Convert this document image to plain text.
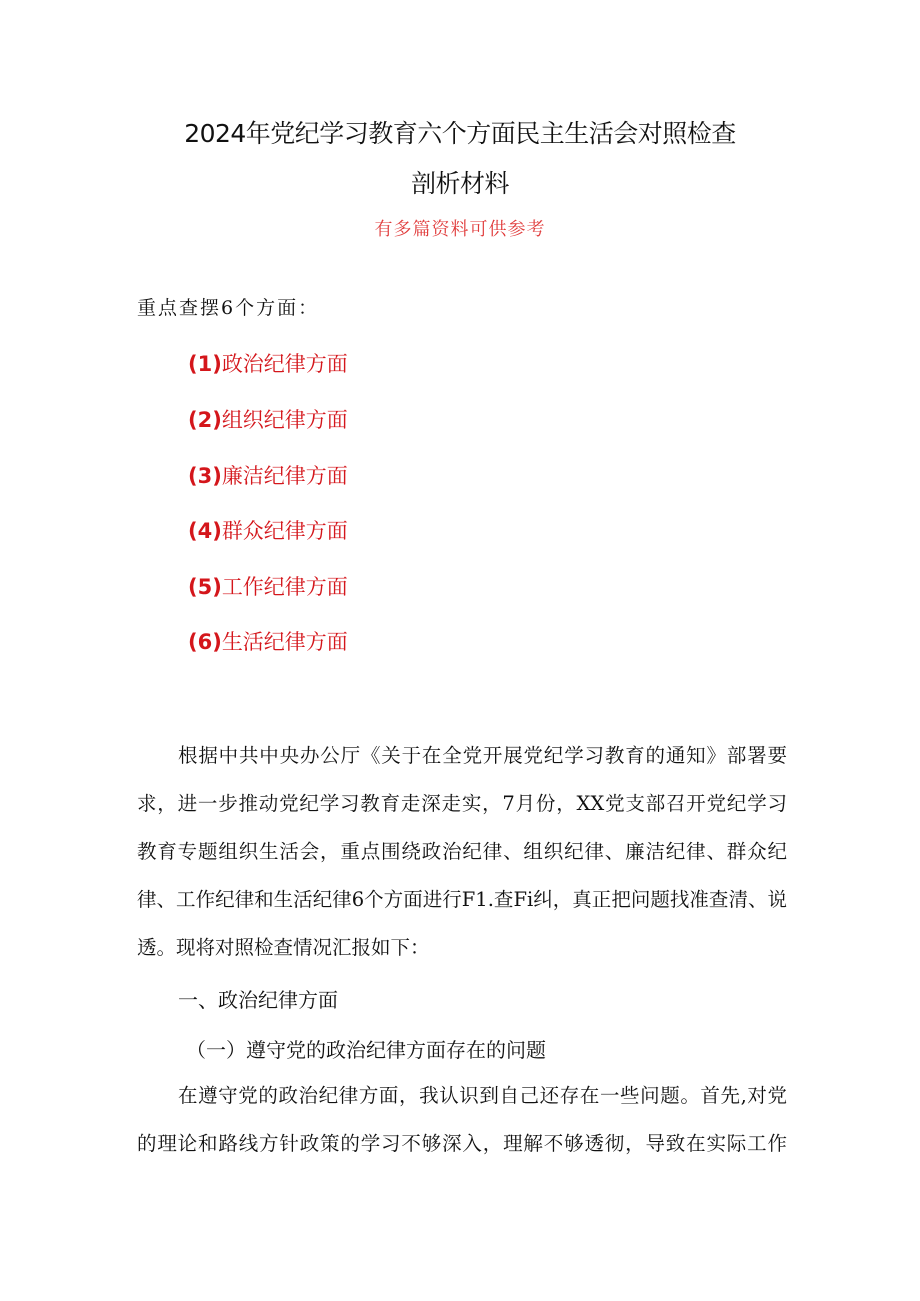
2024年党纪学习教育六个方面民主生活会对照检查
剖析材料
有多篇资料可供参考
重点查摆6个方面：
(1)政治纪律方面
(2)组织纪律方面
(3)廉洁纪律方面
(4)群众纪律方面
(5)工作纪律方面
(6)生活纪律方面
根据中共中央办公厅《关于在全党开展党纪学习教育的通知》部署要
求，进一步推动党纪学习教育走深走实，7月份，XX党支部召开党纪学习
教育专题组织生活会，重点围绕政治纪律、组织纪律、廉洁纪律、群众纪
律、工作纪律和生活纪律6个方面进行F1.查Fi纠，真正把问题找准查清、说
透。现将对照检查情况汇报如下：
一、政治纪律方面
（一）遵守党的政治纪律方面存在的问题
在遵守党的政治纪律方面，我认识到自己还存在一些问题。首先,对党
的理论和路线方针政策的学习不够深入，理解不够透彻，导致在实际工作
